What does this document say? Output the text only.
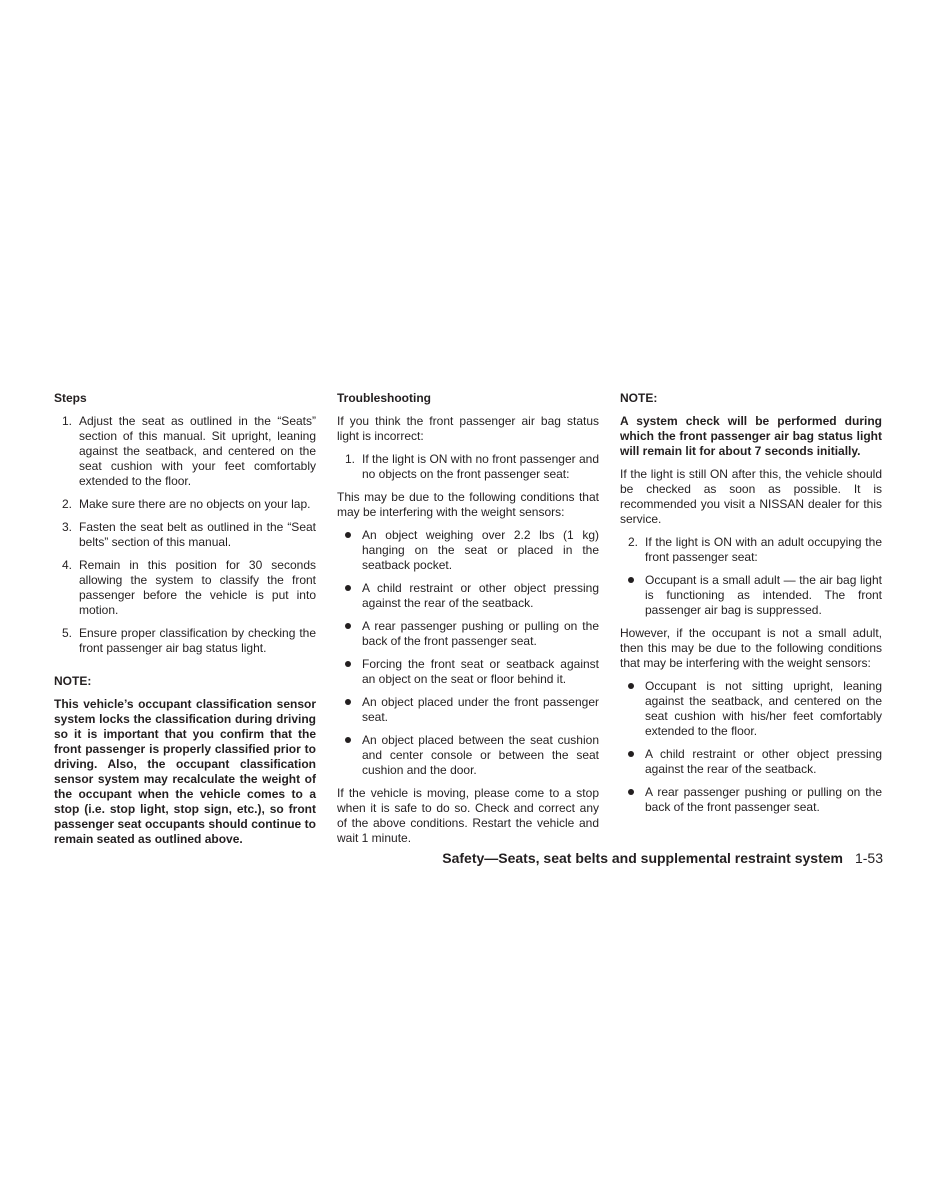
Steps
1. Adjust the seat as outlined in the “Seats” section of this manual. Sit upright, leaning against the seatback, and centered on the seat cushion with your feet comfortably extended to the floor.
2. Make sure there are no objects on your lap.
3. Fasten the seat belt as outlined in the “Seat belts” section of this manual.
4. Remain in this position for 30 seconds allowing the system to classify the front passenger before the vehicle is put into motion.
5. Ensure proper classification by checking the front passenger air bag status light.
NOTE:

This vehicle’s occupant classification sensor system locks the classification during driving so it is important that you confirm that the front passenger is properly classified prior to driving. Also, the occupant classification sensor system may recalculate the weight of the occupant when the vehicle comes to a stop (i.e. stop light, stop sign, etc.), so front passenger seat occupants should continue to remain seated as outlined above.

Troubleshooting

If you think the front passenger air bag status light is incorrect:

1. If the light is ON with no front passenger and no objects on the front passenger seat:

This may be due to the following conditions that may be interfering with the weight sensors:

An object weighing over 2.2 lbs (1 kg) hanging on the seat or placed in the seatback pocket.
A child restraint or other object pressing against the rear of the seatback.
A rear passenger pushing or pulling on the back of the front passenger seat.
Forcing the front seat or seatback against an object on the seat or floor behind it.
An object placed under the front passenger seat.
An object placed between the seat cushion and center console or between the seat cushion and the door.

If the vehicle is moving, please come to a stop when it is safe to do so. Check and correct any of the above conditions. Restart the vehicle and wait 1 minute.

NOTE:

A system check will be performed during which the front passenger air bag status light will remain lit for about 7 seconds initially.

If the light is still ON after this, the vehicle should be checked as soon as possible. It is recommended you visit a NISSAN dealer for this service.

2. If the light is ON with an adult occupying the front passenger seat:
Occupant is a small adult — the air bag light is functioning as intended. The front passenger air bag is suppressed.

However, if the occupant is not a small adult, then this may be due to the following conditions that may be interfering with the weight sensors:

Occupant is not sitting upright, leaning against the seatback, and centered on the seat cushion with his/her feet comfortably extended to the floor.
A child restraint or other object pressing against the rear of the seatback.
A rear passenger pushing or pulling on the back of the front passenger seat.
Safety—Seats, seat belts and supplemental restraint system 1-53
